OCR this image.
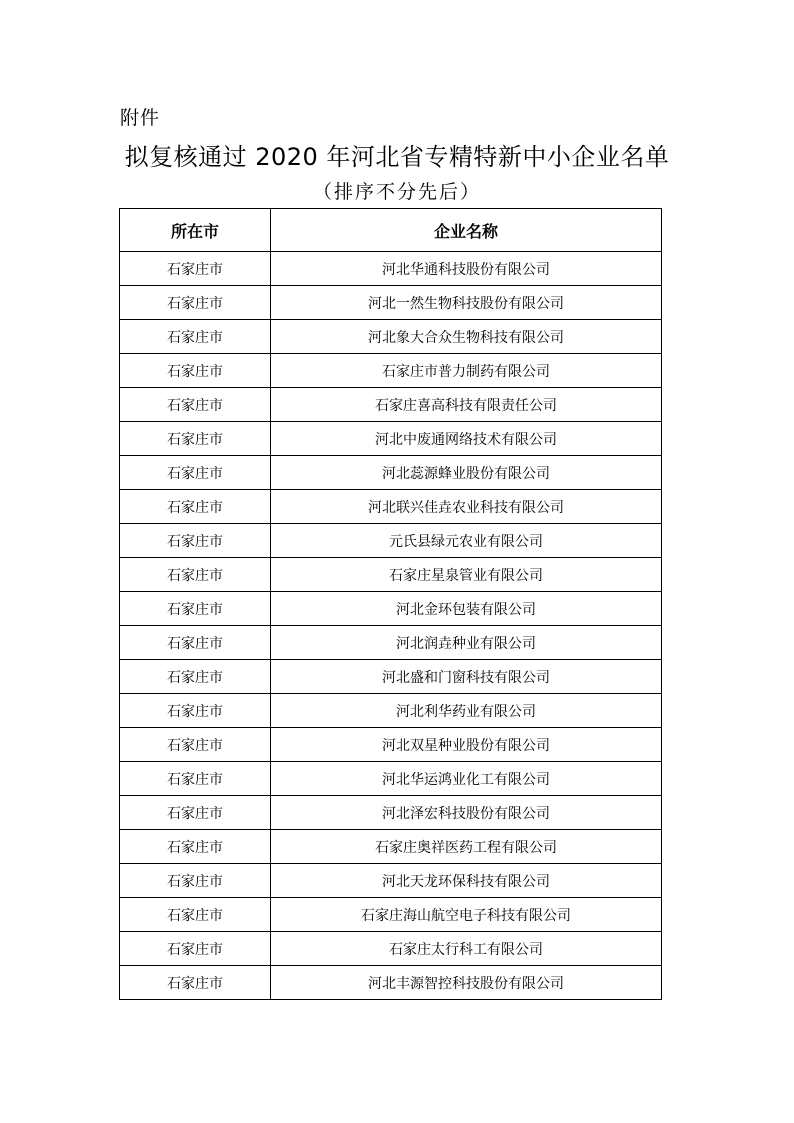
附件
拟复核通过 2020 年河北省专精特新中小企业名单
（排序不分先后）
所在市	企业名称
石家庄市	河北华通科技股份有限公司
石家庄市	河北一然生物科技股份有限公司
石家庄市	河北象大合众生物科技有限公司
石家庄市	石家庄市普力制药有限公司
石家庄市	石家庄喜高科技有限责任公司
石家庄市	河北中废通网络技术有限公司
石家庄市	河北蕊源蜂业股份有限公司
石家庄市	河北联兴佳垚农业科技有限公司
石家庄市	元氏县绿元农业有限公司
石家庄市	石家庄星泉管业有限公司
石家庄市	河北金环包装有限公司
石家庄市	河北润垚种业有限公司
石家庄市	河北盛和门窗科技有限公司
石家庄市	河北利华药业有限公司
石家庄市	河北双星种业股份有限公司
石家庄市	河北华运鸿业化工有限公司
石家庄市	河北泽宏科技股份有限公司
石家庄市	石家庄奥祥医药工程有限公司
石家庄市	河北天龙环保科技有限公司
石家庄市	石家庄海山航空电子科技有限公司
石家庄市	石家庄太行科工有限公司
石家庄市	河北丰源智控科技股份有限公司
